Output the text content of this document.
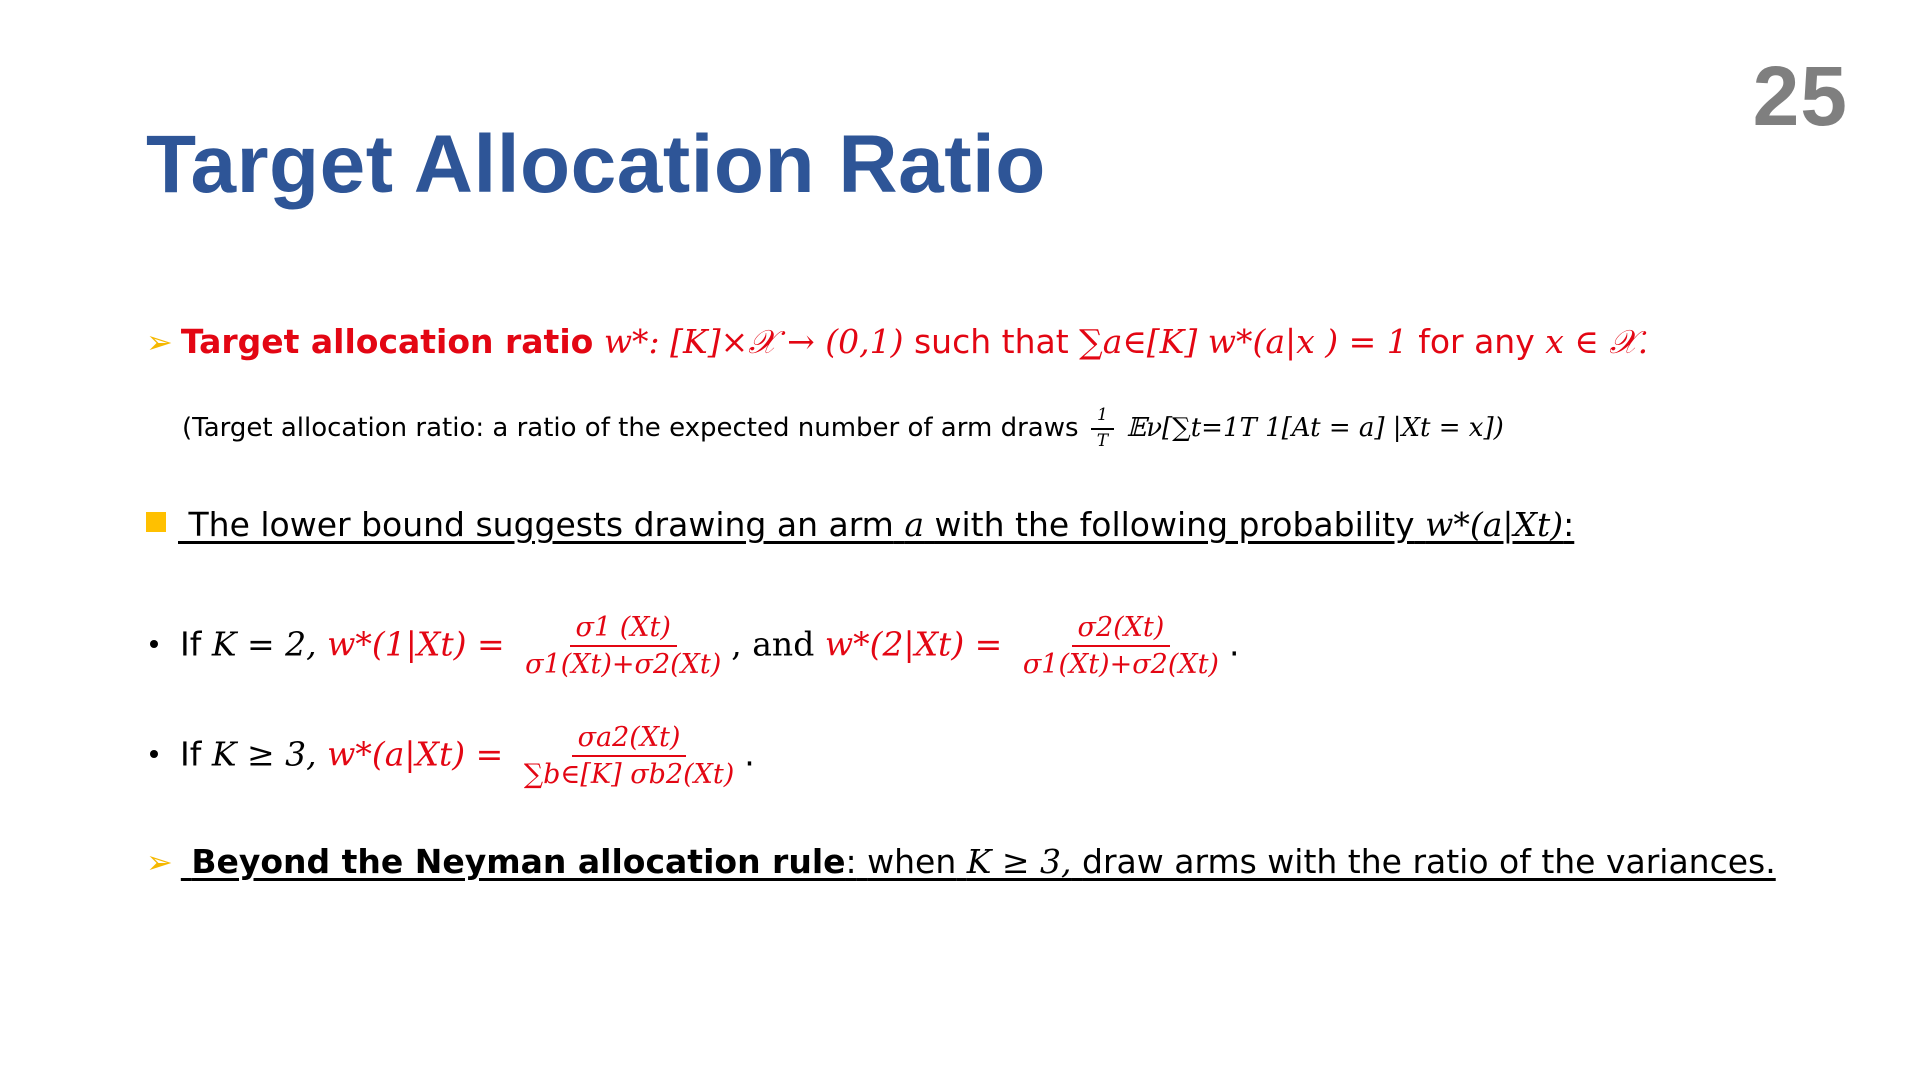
25
Target Allocation Ratio
➢ Target allocation ratio w*: [K]×𝒳 → (0,1) such that ∑a∈[K] w*(a|x ) = 1 for any x ∈ 𝒳.
(Target allocation ratio: a ratio of the expected number of arm draws $\frac{1}{T}$ 𝔼ν[∑t=1T 1[At = a] |Xt = x])
The lower bound suggests drawing an arm a with the following probability w*(a|Xt):
If K = 2, $w*(1|Xt) = \frac{\sigma 1 (Xt)}{\sigma 1(Xt)+\sigma 2(Xt)}$ , and $w*(2|Xt) = \frac{\sigma 2(Xt)}{\sigma 1(Xt)+\sigma 2(Xt)}$ .
If K ≥ 3, $w*(a|Xt) = \frac{\sigma a2(Xt)}{\sum b\in[K] \sigma b2(Xt)}$ .
➢ Beyond the Neyman allocation rule: when K ≥ 3, draw arms with the ratio of the variances.
